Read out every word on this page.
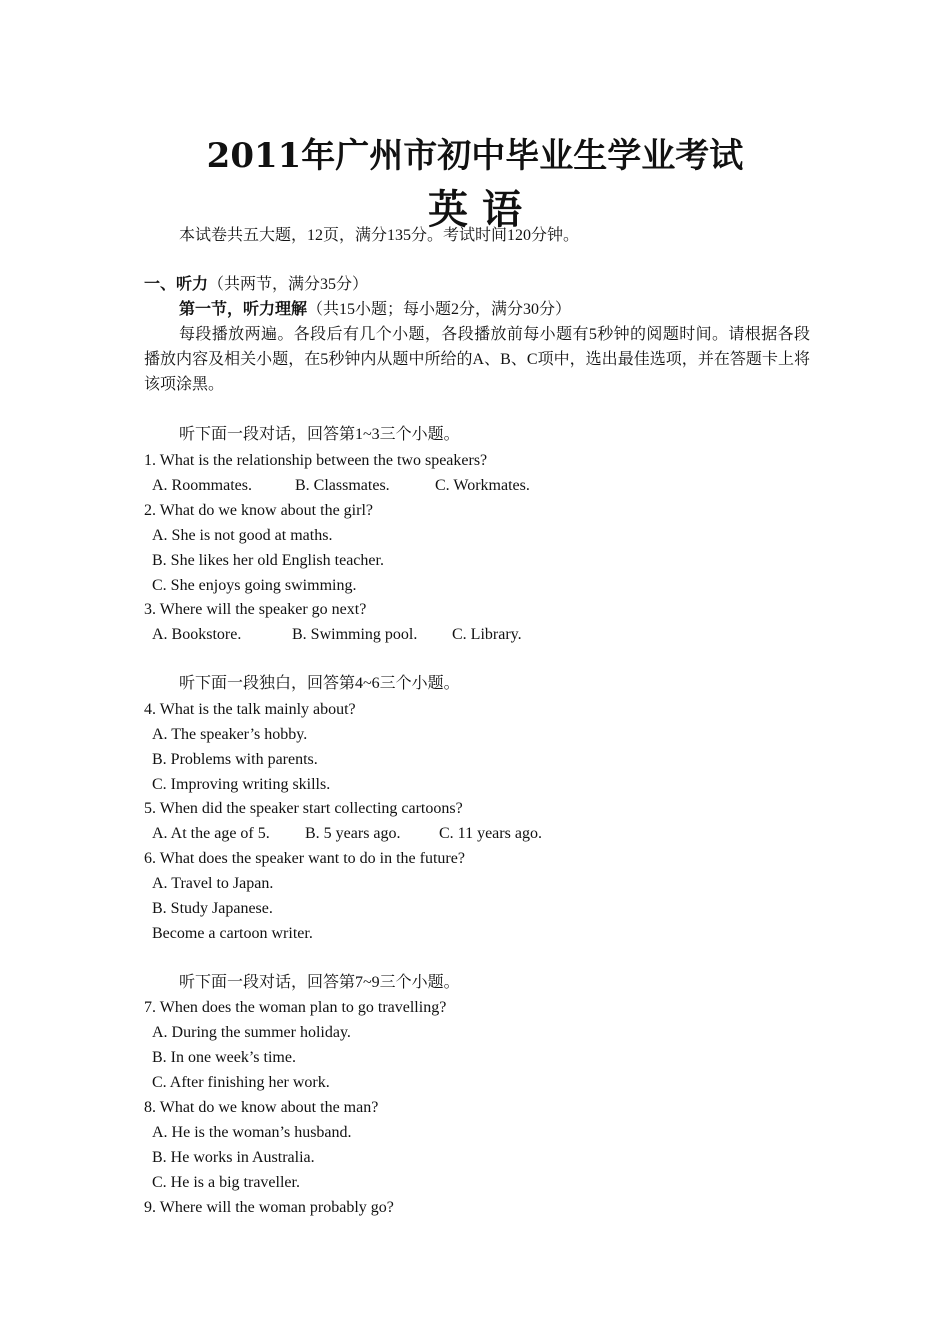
2011年广州市初中毕业生学业考试
英 语
本试卷共五大题，12页，满分135分。考试时间120分钟。
一、听力（共两节，满分35分）
第一节，听力理解（共15小题；每小题2分，满分30分）
每段播放两遍。各段后有几个小题，各段播放前每小题有5秒钟的阅题时间。请根据各段播放内容及相关小题，在5秒钟内从题中所给的A、B、C项中，选出最佳选项，并在答题卡上将该项涂黑。
听下面一段对话，回答第1~3三个小题。
1. What is the relationship between the two speakers?
A. Roommates.	B. Classmates.	C. Workmates.
2. What do we know about the girl?
A. She is not good at maths.
B. She likes her old English teacher.
C. She enjoys going swimming.
3. Where will the speaker go next?
A. Bookstore.	B. Swimming pool. C. Library.
听下面一段独白，回答第4~6三个小题。
4. What is the talk mainly about?
A. The speaker’s hobby.
B. Problems with parents.
C. Improving writing skills.
5. When did the speaker start collecting cartoons?
A. At the age of 5. B. 5 years ago. C. 11 years ago.
6. What does the speaker want to do in the future?
A. Travel to Japan.
B. Study Japanese.
Become a cartoon writer.
听下面一段对话，回答第7~9三个小题。
7. When does the woman plan to go travelling?
A. During the summer holiday.
B. In one week’s time.
C. After finishing her work.
8. What do we know about the man?
A. He is the woman’s husband.
B. He works in Australia.
C. He is a big traveller.
9. Where will the woman probably go?
